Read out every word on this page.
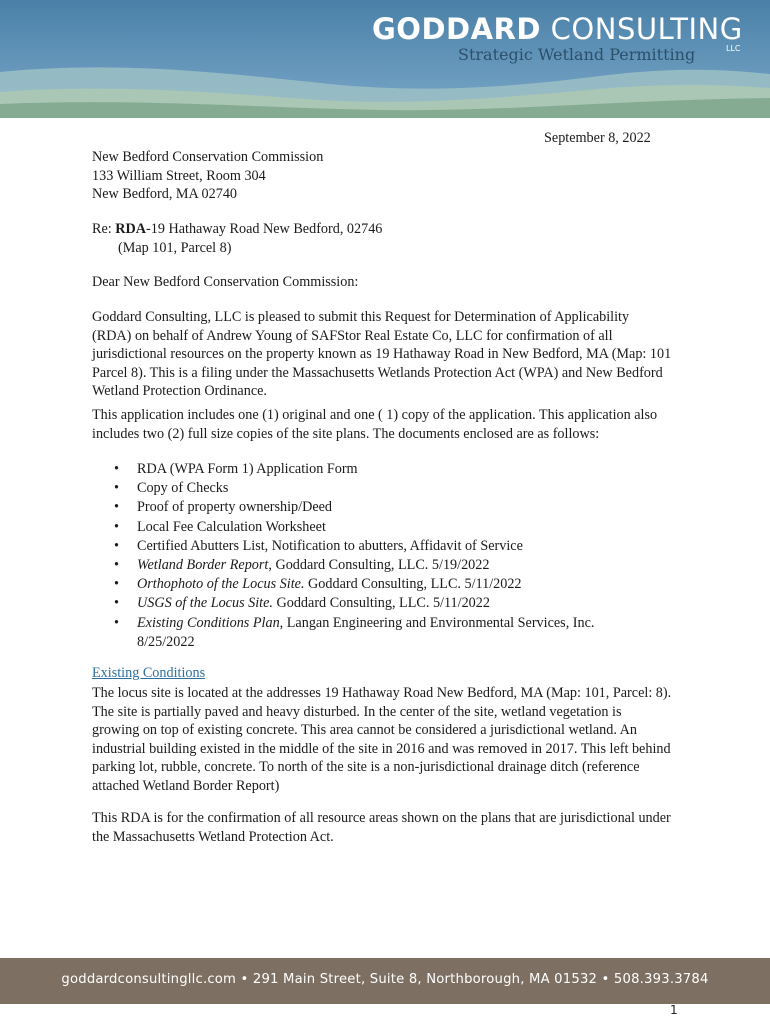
GODDARD CONSULTING
Strategic Wetland Permitting	LLC
September 8, 2022

New Bedford Conservation Commission

133 William Street, Room 304

New Bedford, MA 02740

Re: RDA-19 Hathaway Road New Bedford, 02746

(Map 101, Parcel 8)

Dear New Bedford Conservation Commission:
Goddard Consulting, LLC is pleased to submit this Request for Determination of Applicability (RDA) on behalf of Andrew Young of SAFStor Real Estate Co, LLC for confirmation of all jurisdictional resources on the property known as 19 Hathaway Road in New Bedford, MA (Map: 101 Parcel 8). This is a filing under the Massachusetts Wetlands Protection Act (WPA) and New Bedford Wetland Protection Ordinance.
This application includes one (1) original and one ( 1) copy of the application. This application also includes two (2) full size copies of the site plans. The documents enclosed are as follows:
• RDA (WPA Form 1) Application Form
• Copy of Checks
• Proof of property ownership/Deed
• Local Fee Calculation Worksheet
• Certified Abutters List, Notification to abutters, Affidavit of Service
• Wetland Border Report, Goddard Consulting, LLC. 5/19/2022
• Orthophoto of the Locus Site. Goddard Consulting, LLC. 5/11/2022
• USGS of the Locus Site. Goddard Consulting, LLC. 5/11/2022
• Existing Conditions Plan, Langan Engineering and Environmental Services, Inc. 8/25/2022
Existing Conditions
The locus site is located at the addresses 19 Hathaway Road New Bedford, MA (Map: 101, Parcel: 8). The site is partially paved and heavy disturbed. In the center of the site, wetland vegetation is growing on top of existing concrete. This area cannot be considered a jurisdictional wetland. An industrial building existed in the middle of the site in 2016 and was removed in 2017. This left behind parking lot, rubble, concrete. To north of the site is a non-jurisdictional drainage ditch (reference attached Wetland Border Report)
This RDA is for the confirmation of all resource areas shown on the plans that are jurisdictional under the Massachusetts Wetland Protection Act.
goddardconsultingllc.com • 291 Main Street, Suite 8, Northborough, MA 01532 • 508.393.3784
1
